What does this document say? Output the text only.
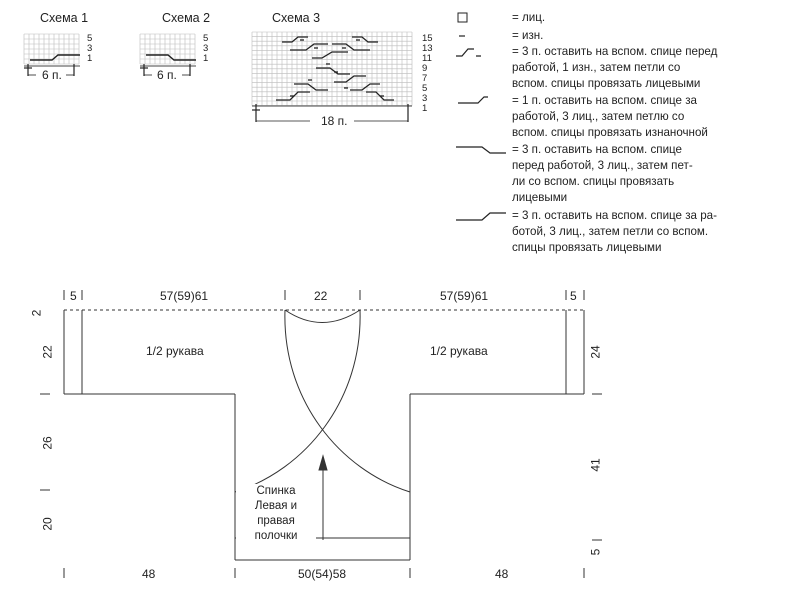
Схема 1
5
3
1
6 п.
Схема 2
5
3
1
6 п.
Схема 3
15
13
11
9
7
5
3
1
18 п.
= лиц.
= изн.
= 3 п. оставить на вспом. спице перед
работой, 1 изн., затем петли со
вспом. спицы провязать лицевыми
= 1 п. оставить на вспом. спице за
работой, 3 лиц., затем петлю со
вспом. спицы провязать изнаночной
= 3 п. оставить на вспом. спице
перед работой, 3 лиц., затем пет-
ли со вспом. спицы провязать
лицевыми
= 3 п. оставить на вспом. спице за ра-
ботой, 3 лиц., затем петли со вспом.
спицы провязать лицевыми
5	57(59)61	22	57(59)61	5
2
22
26
20
24
41
5
48	50(54)58	48
1/2 рукава	1/2 рукава
Спинка
Левая и правая
полочки
